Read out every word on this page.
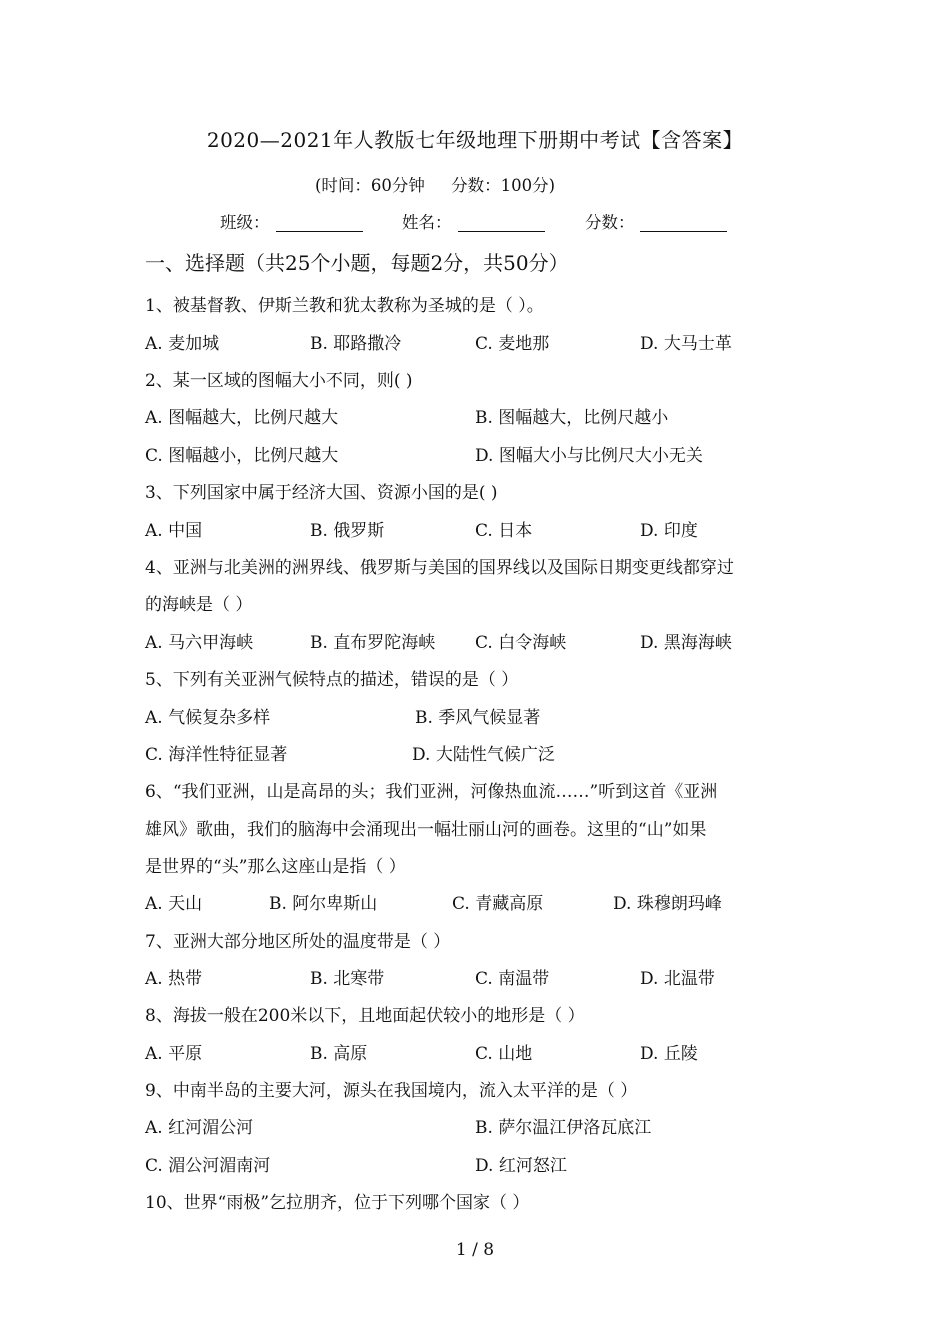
2020—2021年人教版七年级地理下册期中考试【含答案】
(时间：60分钟     分数：100分)
班级：	姓名：	分数：
一、选择题（共25个小题，每题2分，共50分）
1、被基督教、伊斯兰教和犹太教称为圣城的是（ ）。
A. 麦加城	B. 耶路撒冷	C. 麦地那	D. 大马士革
2、某一区域的图幅大小不同，则( )
A. 图幅越大，比例尺越大	B. 图幅越大，比例尺越小
C. 图幅越小，比例尺越大	D. 图幅大小与比例尺大小无关
3、下列国家中属于经济大国、资源小国的是( )
A. 中国	B. 俄罗斯	C. 日本	D. 印度
4、亚洲与北美洲的洲界线、俄罗斯与美国的国界线以及国际日期变更线都穿过
的海峡是（ ）
A. 马六甲海峡	B. 直布罗陀海峡 C. 白令海峡	D. 黑海海峡
5、下列有关亚洲气候特点的描述，错误的是（ ）
A. 气候复杂多样	B. 季风气候显著
C. 海洋性特征显著	D. 大陆性气候广泛
6、“我们亚洲，山是高昂的头；我们亚洲，河像热血流……”听到这首《亚洲
雄风》歌曲，我们的脑海中会涌现出一幅壮丽山河的画卷。这里的“山”如果
是世界的“头”那么这座山是指（ ）
A. 天山	B. 阿尔卑斯山	C. 青藏高原	D. 珠穆朗玛峰
7、亚洲大部分地区所处的温度带是（ ）
A. 热带	B. 北寒带	C. 南温带	D. 北温带
8、海拔一般在200米以下，且地面起伏较小的地形是（ ）
A. 平原	B. 高原	C. 山地	D. 丘陵
9、中南半岛的主要大河，源头在我国境内，流入太平洋的是（ ）
A. 红河湄公河	B. 萨尔温江伊洛瓦底江
C. 湄公河湄南河	D. 红河怒江
10、世界“雨极”乞拉朋齐，位于下列哪个国家（ ）
1 / 8
